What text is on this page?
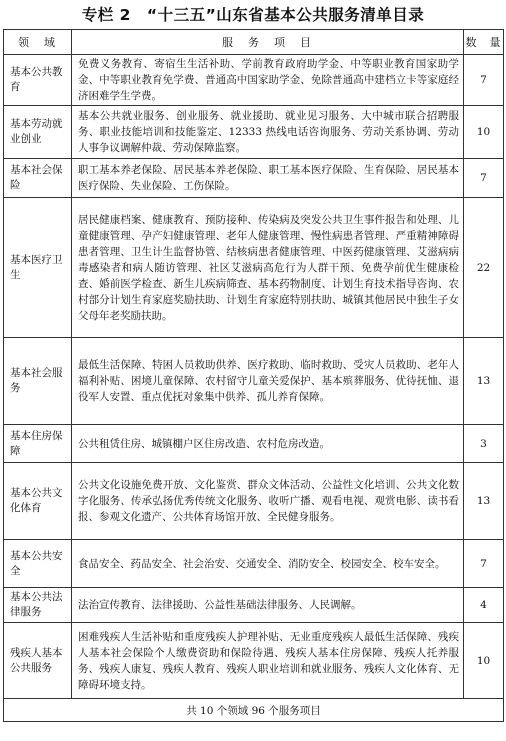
专栏 2　“十三五”山东省基本公共服务清单目录
领　域	服　务　项　目	数　量
基本公共教育	免费义务教育、寄宿生生活补助、学前教育政府助学金、中等职业教育国家助学金、中等职业教育免学费、普通高中国家助学金、免除普通高中建档立卡等家庭经济困难学生学费。	7
基本劳动就业创业	基本公共就业服务、创业服务、就业援助、就业见习服务、大中城市联合招聘服务、职业技能培训和技能鉴定、12333 热线电话咨询服务、劳动关系协调、劳动人事争议调解仲裁、劳动保障监察。	10
基本社会保险	职工基本养老保险、居民基本养老保险、职工基本医疗保险、生育保险、居民基本医疗保险、失业保险、工伤保险。	7
基本医疗卫生	居民健康档案、健康教育、预防接种、传染病及突发公共卫生事件报告和处理、儿童健康管理、孕产妇健康管理、老年人健康管理、慢性病患者管理、严重精神障碍患者管理、卫生计生监督协管、结核病患者健康管理、中医药健康管理、艾滋病病毒感染者和病人随访管理、社区艾滋病高危行为人群干预、免费孕前优生健康检查、婚前医学检查、新生儿疾病筛查、基本药物制度、计划生育技术指导咨询、农村部分计划生育家庭奖励扶助、计划生育家庭特别扶助、城镇其他居民中独生子女父母年老奖励扶助。	22
基本社会服务	最低生活保障、特困人员救助供养、医疗救助、临时救助、受灾人员救助、老年人福利补贴、困境儿童保障、农村留守儿童关爱保护、基本殡葬服务、优待抚恤、退役军人安置、重点优抚对象集中供养、孤儿养育保障。	13
基本住房保障	公共租赁住房、城镇棚户区住房改造、农村危房改造。	3
基本公共文化体育	公共文化设施免费开放、文化鉴赏、群众文体活动、公益性文化培训、公共文化数字化服务、传承弘扬优秀传统文化服务、收听广播、观看电视、观赏电影、读书看报、参观文化遗产、公共体育场馆开放、全民健身服务。	13
基本公共安全	食品安全、药品安全、社会治安、交通安全、消防安全、校园安全、校车安全。	7
基本公共法律服务	法治宣传教育、法律援助、公益性基础法律服务、人民调解。	4
残疾人基本公共服务	困难残疾人生活补贴和重度残疾人护理补贴、无业重度残疾人最低生活保障、残疾人基本社会保险个人缴费资助和保险待遇、残疾人基本住房保障、残疾人托养服务、残疾人康复、残疾人教育、残疾人职业培训和就业服务、残疾人文化体育、无障碍环境支持。	10
共 10 个领域 96 个服务项目		
